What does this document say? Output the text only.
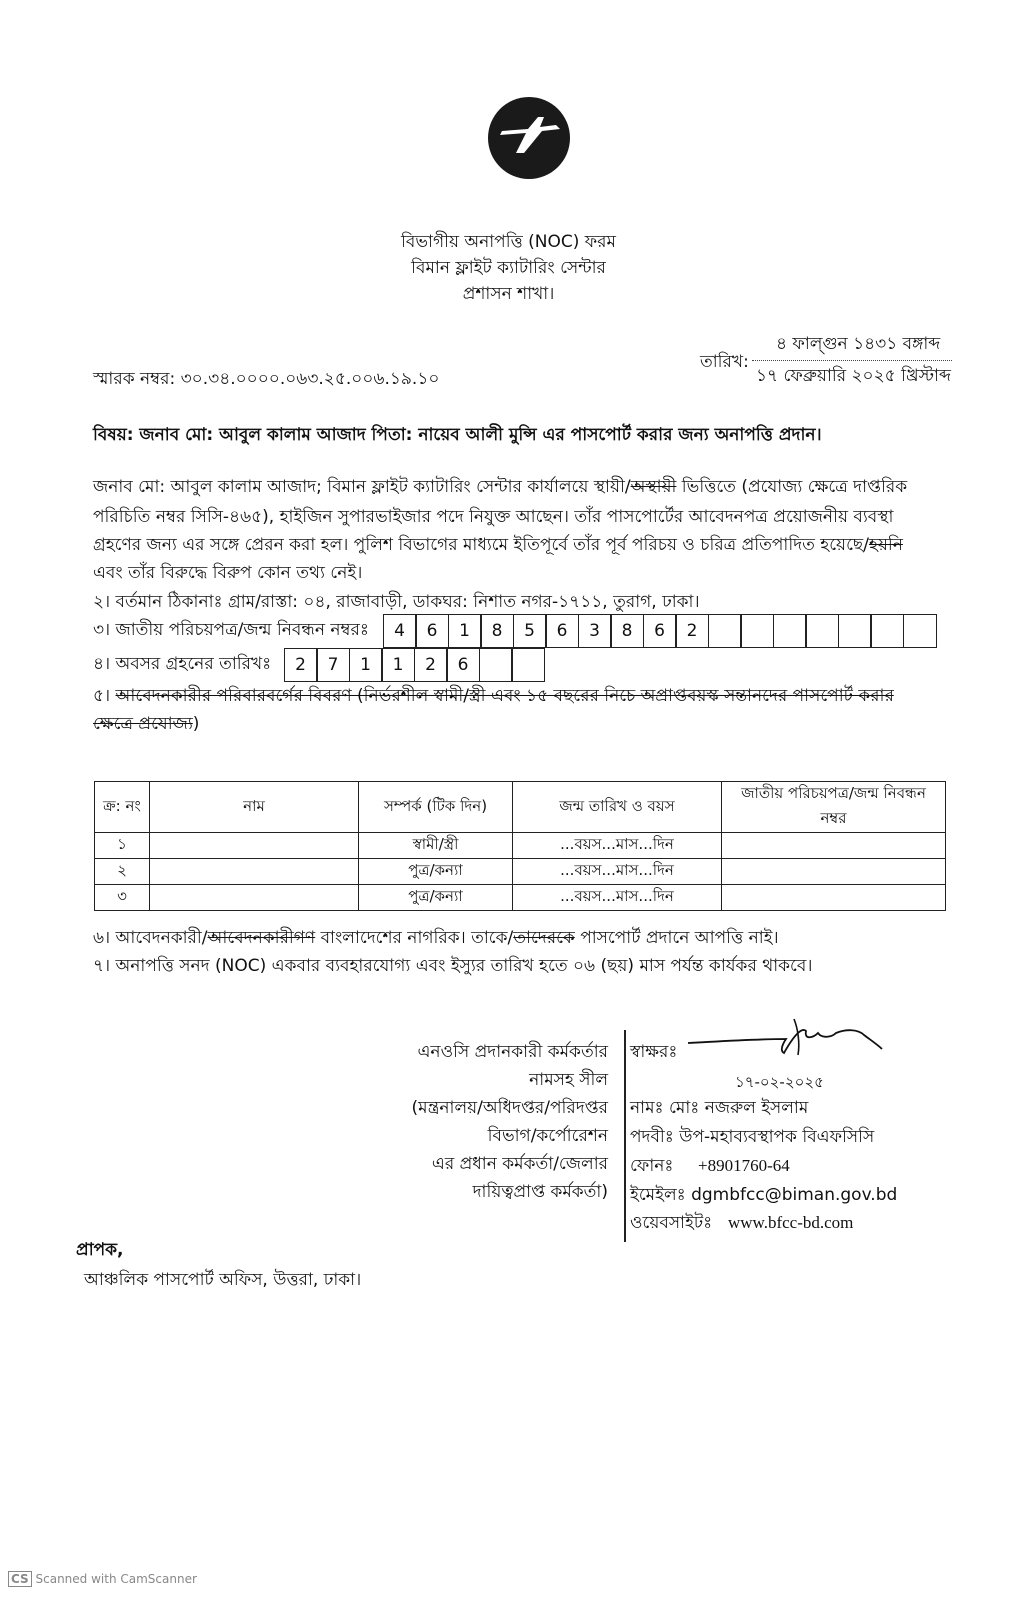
বিভাগীয় অনাপত্তি (NOC) ফরম
বিমান ফ্লাইট ক্যাটারিং সেন্টার
প্রশাসন শাখা।
৪ ফাল্গুন ১৪৩১ বঙ্গাব্দ
তারিখ:
১৭ ফেব্রুয়ারি ২০২৫ খ্রিস্টাব্দ
স্মারক নম্বর: ৩০.৩৪.০০০০.০৬৩.২৫.০০৬.১৯.১০
বিষয়: জনাব মো: আবুল কালাম আজাদ পিতা: নায়েব আলী মুন্সি এর পাসপোর্ট করার জন্য অনাপত্তি প্রদান।
জনাব মো: আবুল কালাম আজাদ; বিমান ফ্লাইট ক্যাটারিং সেন্টার কার্যালয়ে স্থায়ী/অস্থায়ী ভিত্তিতে (প্রযোজ্য ক্ষেত্রে দাপ্তরিক
পরিচিতি নম্বর সিসি-৪৬৫), হাইজিন সুপারভাইজার পদে নিযুক্ত আছেন। তাঁর পাসপোর্টের আবেদনপত্র প্রয়োজনীয় ব্যবস্থা
গ্রহণের জন্য এর সঙ্গে প্রেরন করা হল। পুলিশ বিভাগের মাধ্যমে ইতিপূর্বে তাঁর পূর্ব পরিচয় ও চরিত্র প্রতিপাদিত হয়েছে/হয়নি
এবং তাঁর বিরুদ্ধে বিরুপ কোন তথ্য নেই।
২। বর্তমান ঠিকানাঃ গ্রাম/রাস্তা: ০৪, রাজাবাড়ী, ডাকঘর: নিশাত নগর-১৭১১, তুরাগ, ঢাকা।
৩। জাতীয় পরিচয়পত্র/জন্ম নিবন্ধন নম্বরঃ	4	6	1	8	5	6	3	8	6	2
৪। অবসর গ্রহনের তারিখঃ	2	7	1	1	2	6
৫। আবেদনকারীর পরিবারবর্গের বিবরণ (নির্ভরশীল স্বামী/স্ত্রী এবং ১৫ বছরের নিচে অপ্রাপ্তবয়স্ক সন্তানদের পাসপোর্ট করার
ক্ষেত্রে প্রযোজ্য)
ক্র: নং	নাম	সম্পর্ক (টিক দিন)	জন্ম তারিখ ও বয়স	জাতীয় পরিচয়পত্র/জন্ম নিবন্ধন নম্বর
১		স্বামী/স্ত্রী	...বয়স...মাস...দিন	
২		পুত্র/কন্যা	...বয়স...মাস...দিন	
৩		পুত্র/কন্যা	...বয়স...মাস...দিন	
৬। আবেদনকারী/আবেদনকারীগণ বাংলাদেশের নাগরিক। তাকে/তাদেরকে পাসপোর্ট প্রদানে আপত্তি নাই।
৭। অনাপত্তি সনদ (NOC) একবার ব্যবহারযোগ্য এবং ইস্যুর তারিখ হতে ০৬ (ছয়) মাস পর্যন্ত কার্যকর থাকবে।
এনওসি প্রদানকারী কর্মকর্তার
নামসহ সীল
(মন্ত্রনালয়/অধিদপ্তর/পরিদপ্তর
বিভাগ/কর্পোরেশন
এর প্রধান কর্মকর্তা/জেলার
দায়িত্বপ্রাপ্ত কর্মকর্তা)
স্বাক্ষরঃ
১৭-০২-২০২৫
নামঃ মোঃ নজরুল ইসলাম
পদবীঃ উপ-মহাব্যবস্থাপক বিএফসিসি
ফোনঃ +8901760-64
ইমেইলঃ dgmbfcc@biman.gov.bd
ওয়েবসাইটঃ www.bfcc-bd.com
প্রাপক,
আঞ্চলিক পাসপোর্ট অফিস, উত্তরা, ঢাকা।
CS Scanned with CamScanner
